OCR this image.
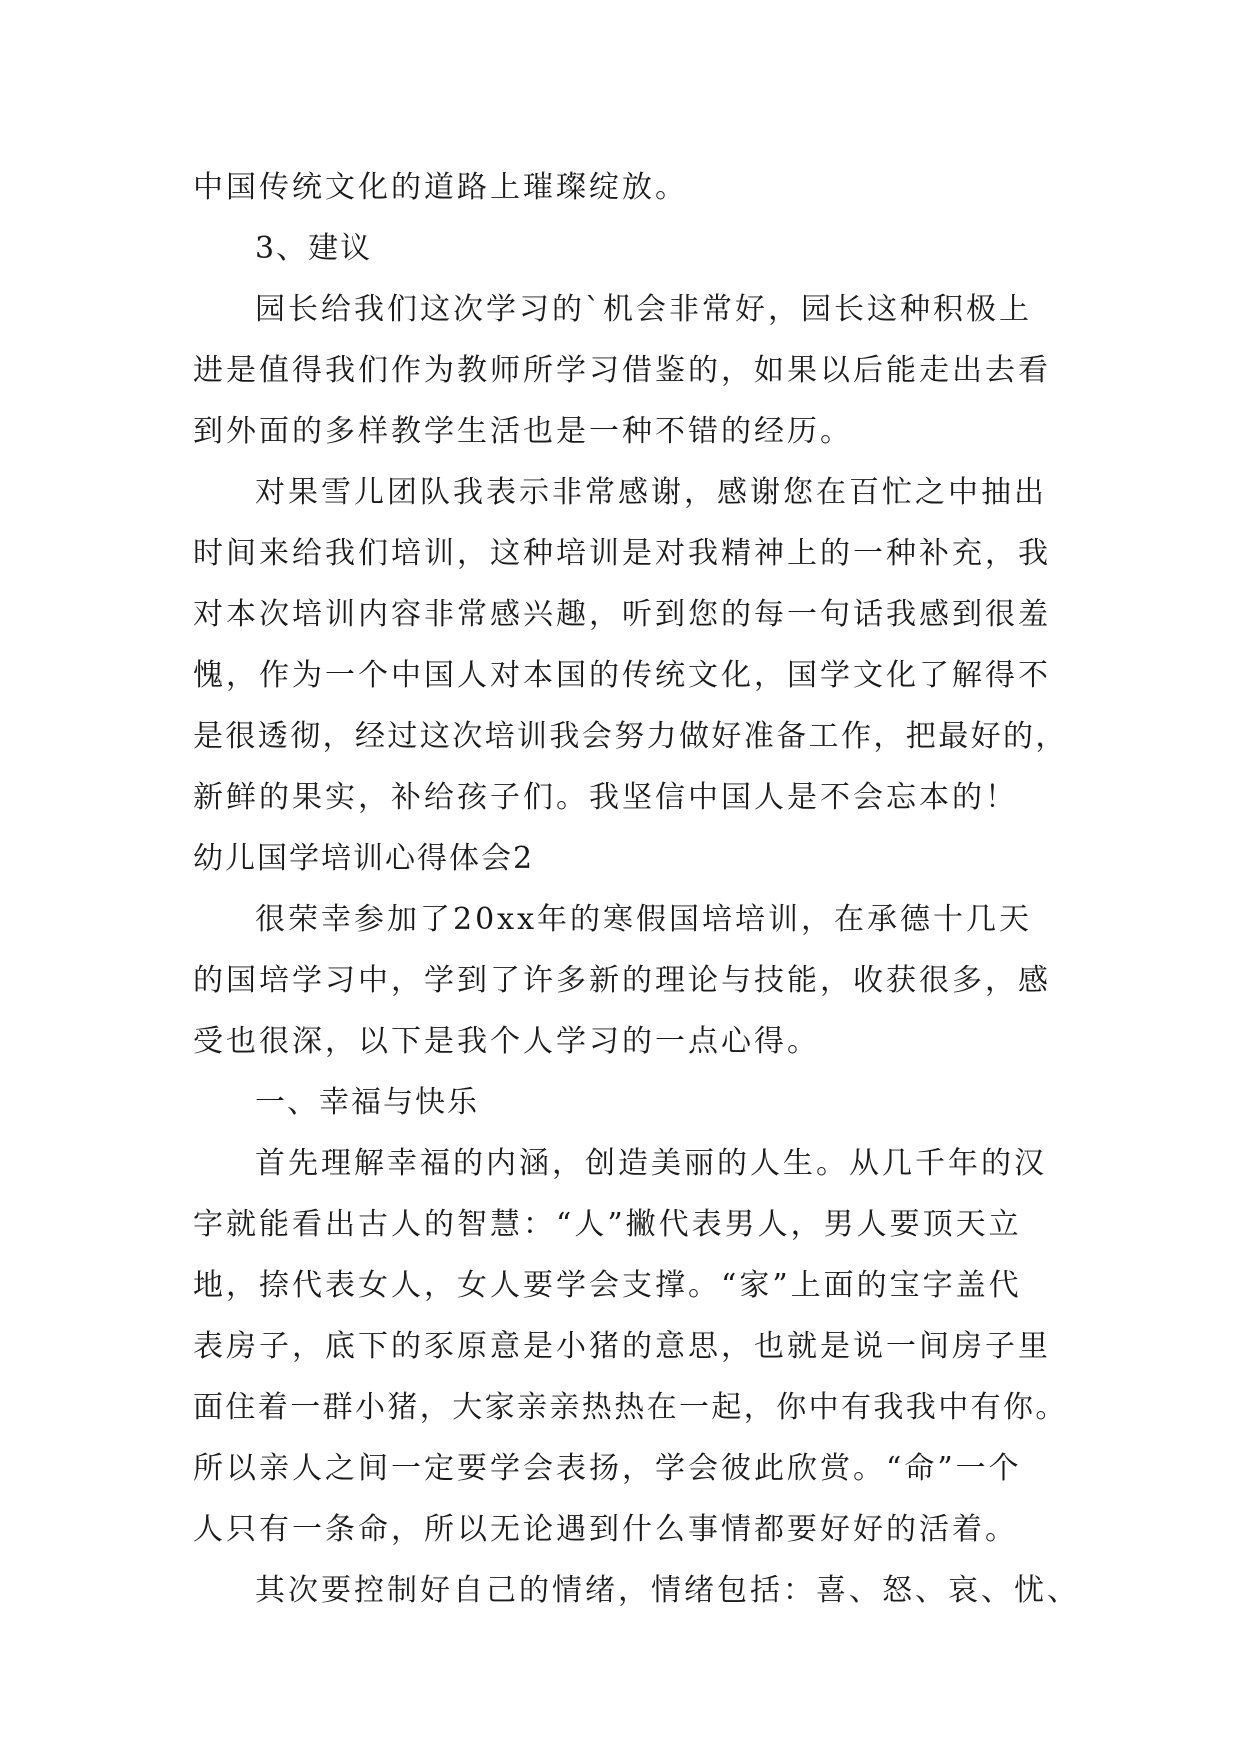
中国传统文化的道路上璀璨绽放。
3、建议
园长给我们这次学习的`机会非常好，园长这种积极上
进是值得我们作为教师所学习借鉴的，如果以后能走出去看
到外面的多样教学生活也是一种不错的经历。
对果雪儿团队我表示非常感谢，感谢您在百忙之中抽出
时间来给我们培训，这种培训是对我精神上的一种补充，我
对本次培训内容非常感兴趣，听到您的每一句话我感到很羞
愧，作为一个中国人对本国的传统文化，国学文化了解得不
是很透彻，经过这次培训我会努力做好准备工作，把最好的，
新鲜的果实，补给孩子们。我坚信中国人是不会忘本的！
幼儿国学培训心得体会2
很荣幸参加了20xx年的寒假国培培训，在承德十几天
的国培学习中，学到了许多新的理论与技能，收获很多，感
受也很深，以下是我个人学习的一点心得。
一、幸福与快乐
首先理解幸福的内涵，创造美丽的人生。从几千年的汉
字就能看出古人的智慧：“人”撇代表男人，男人要顶天立
地，捺代表女人，女人要学会支撑。“家”上面的宝字盖代
表房子，底下的豕原意是小猪的意思，也就是说一间房子里
面住着一群小猪，大家亲亲热热在一起，你中有我我中有你。
所以亲人之间一定要学会表扬，学会彼此欣赏。“命”一个
人只有一条命，所以无论遇到什么事情都要好好的活着。
其次要控制好自己的情绪，情绪包括：喜、怒、哀、忧、
